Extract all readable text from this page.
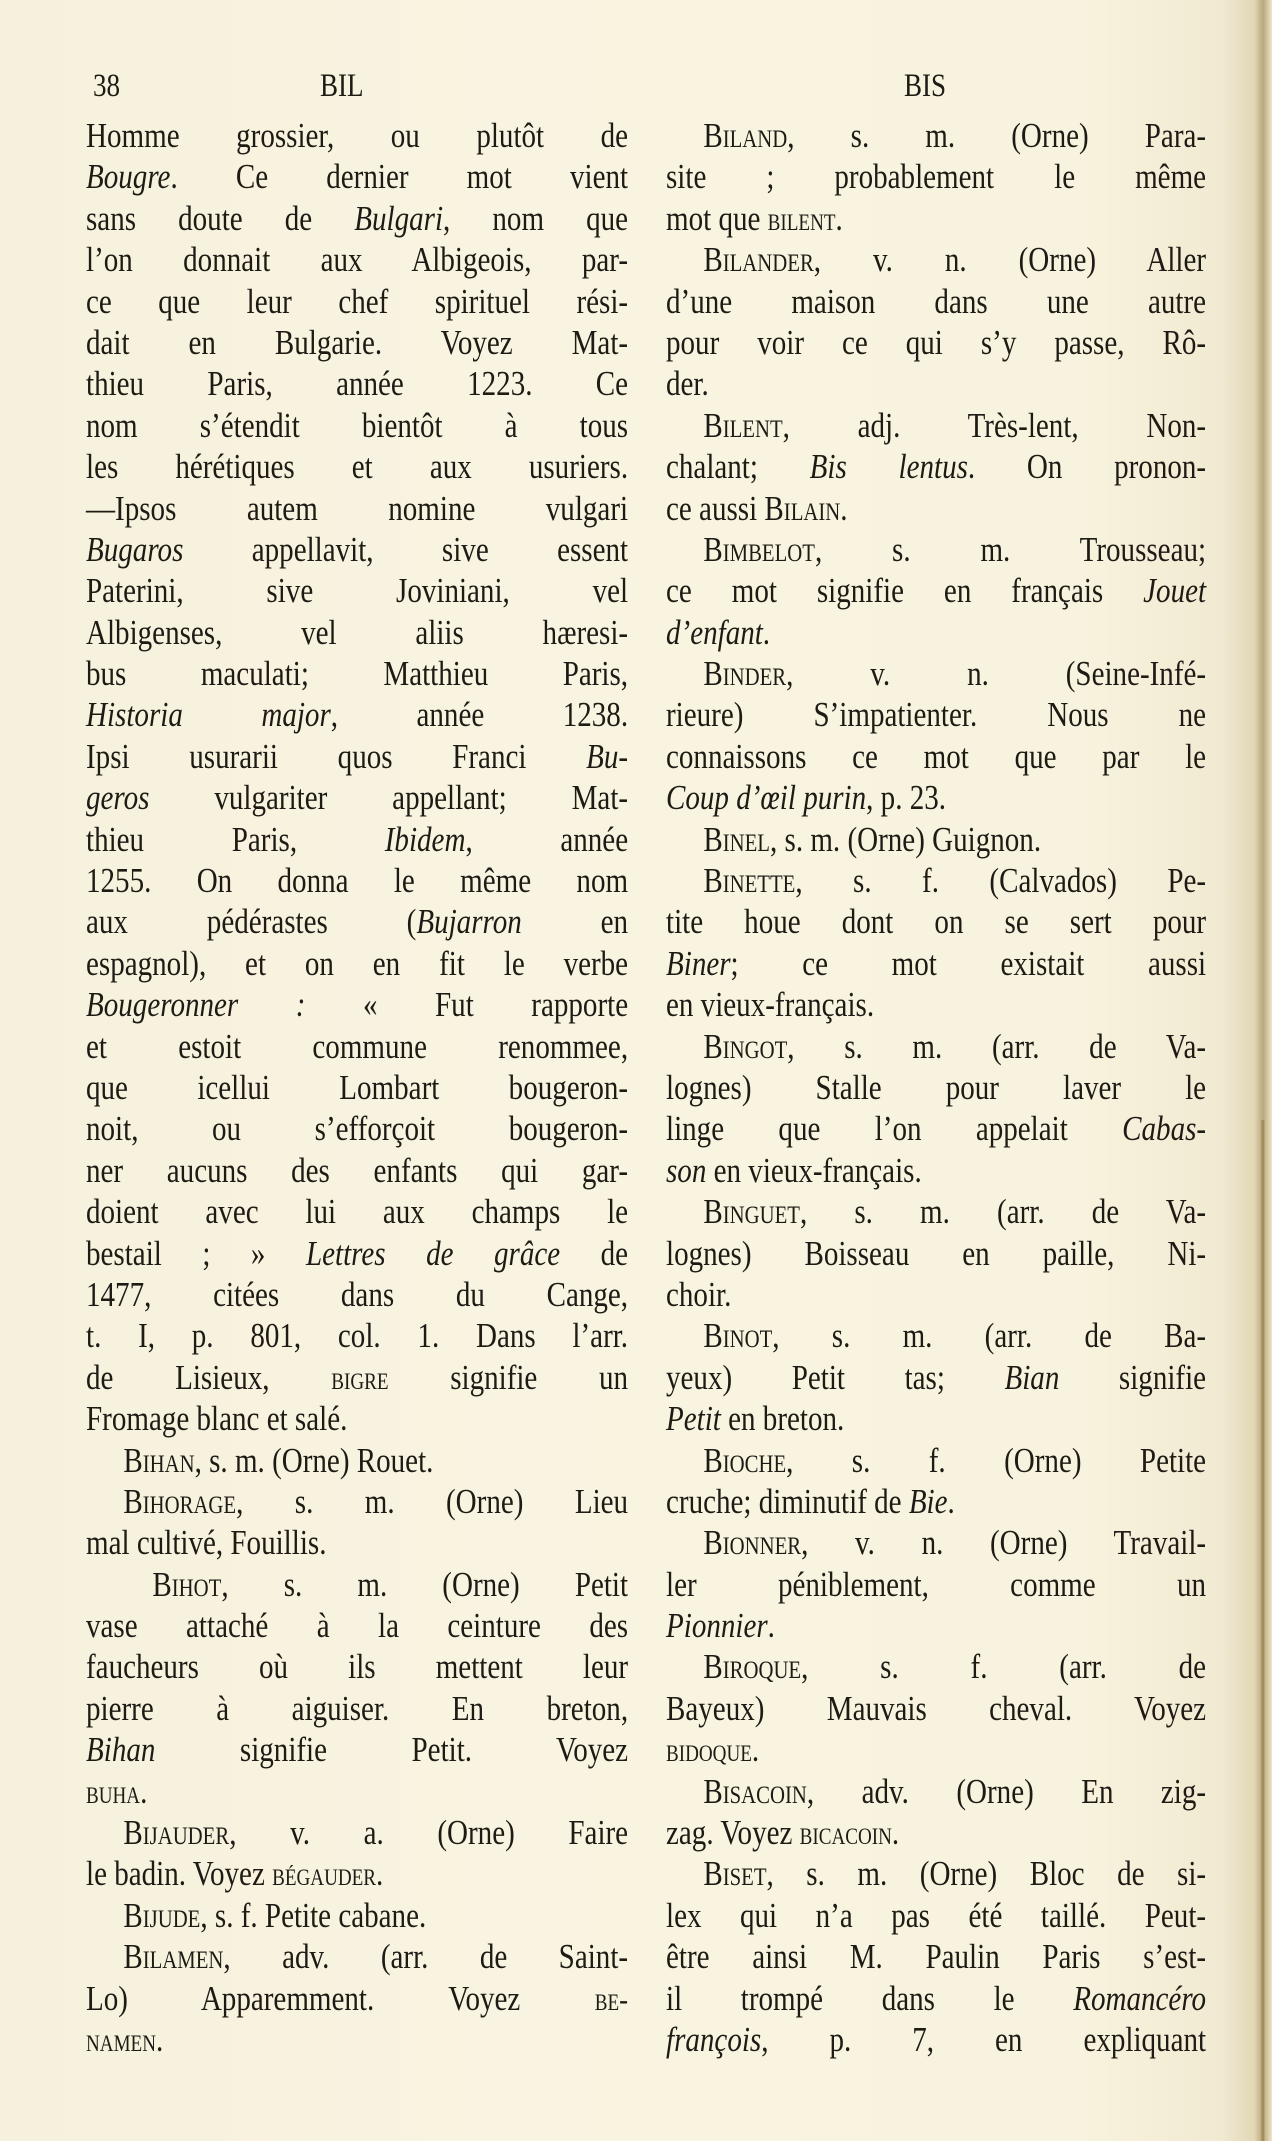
38	BIL	BIS
Homme grossier, ou plutôt de
Bougre. Ce dernier mot vient
sans doute de Bulgari, nom que
l’on donnait aux Albigeois, par-
ce que leur chef spirituel rési-
dait en Bulgarie. Voyez Mat-
thieu Paris, année 1223. Ce
nom s’étendit bientôt à tous
les hérétiques et aux usuriers.
—Ipsos autem nomine vulgari
Bugaros appellavit, sive essent
Paterini, sive Joviniani, vel
Albigenses, vel aliis hæresi-
bus maculati; Matthieu Paris,
Historia major, année 1238.
Ipsi usurarii quos Franci Bu-
geros vulgariter appellant; Mat-
thieu Paris, Ibidem, année
1255. On donna le même nom
aux pédérastes (Bujarron en
espagnol), et on en fit le verbe
Bougeronner : « Fut rapporte
et estoit commune renommee,
que icellui Lombart bougeron-
noit, ou s’efforçoit bougeron-
ner aucuns des enfants qui gar-
doient avec lui aux champs le
bestail ; » Lettres de grâce de
1477, citées dans du Cange,
t. I, p. 801, col. 1. Dans l’arr.
de Lisieux, bigre signifie un
Fromage blanc et salé.
Bihan, s. m. (Orne) Rouet.
Bihorage, s. m. (Orne) Lieu
mal cultivé, Fouillis.
Bihot, s. m. (Orne) Petit
vase attaché à la ceinture des
faucheurs où ils mettent leur
pierre à aiguiser. En breton,
Bihan signifie Petit. Voyez
buha.
Bijauder, v. a. (Orne) Faire
le badin. Voyez bégauder.
Bijude, s. f. Petite cabane.
Bilamen, adv. (arr. de Saint-
Lo) Apparemment. Voyez be-
namen.
Biland, s. m. (Orne) Para-
site ; probablement le même
mot que bilent.
Bilander, v. n. (Orne) Aller
d’une maison dans une autre
pour voir ce qui s’y passe, Rô-
der.
Bilent, adj. Très-lent, Non-
chalant; Bis lentus. On pronon-
ce aussi Bilain.
Bimbelot, s. m. Trousseau;
ce mot signifie en français Jouet
d’enfant.
Binder, v. n. (Seine-Infé-
rieure) S’impatienter. Nous ne
connaissons ce mot que par le
Coup d’œil purin, p. 23.
Binel, s. m. (Orne) Guignon.
Binette, s. f. (Calvados) Pe-
tite houe dont on se sert pour
Biner; ce mot existait aussi
en vieux-français.
Bingot, s. m. (arr. de Va-
lognes) Stalle pour laver le
linge que l’on appelait Cabas-
son en vieux-français.
Binguet, s. m. (arr. de Va-
lognes) Boisseau en paille, Ni-
choir.
Binot, s. m. (arr. de Ba-
yeux) Petit tas; Bian signifie
Petit en breton.
Bioche, s. f. (Orne) Petite
cruche; diminutif de Bie.
Bionner, v. n. (Orne) Travail-
ler péniblement, comme un
Pionnier.
Biroque, s. f. (arr. de
Bayeux) Mauvais cheval. Voyez
bidoque.
Bisacoin, adv. (Orne) En zig-
zag. Voyez bicacoin.
Biset, s. m. (Orne) Bloc de si-
lex qui n’a pas été taillé. Peut-
être ainsi M. Paulin Paris s’est-
il trompé dans le Romancéro
françois, p. 7, en expliquant
